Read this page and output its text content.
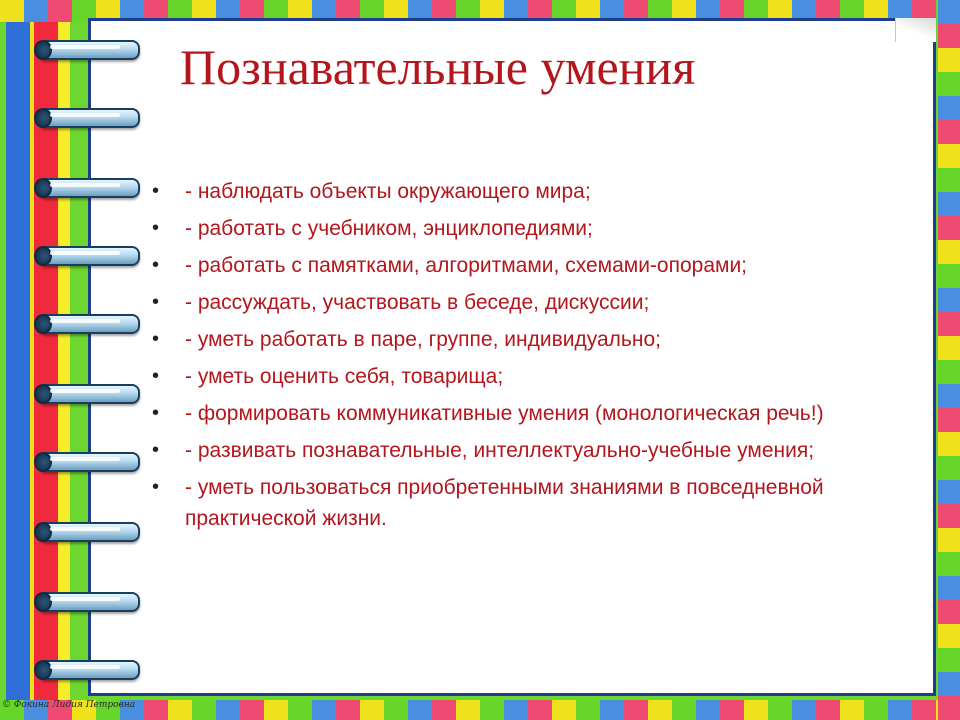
Познавательные умения
• - наблюдать объекты окружающего мира;
• - работать с учебником, энциклопедиями;
• - работать с памятками, алгоритмами, схемами-опорами;
• - рассуждать, участвовать в беседе, дискуссии;
• - уметь работать в паре, группе, индивидуально;
• - уметь оценить себя, товарища;
• - формировать коммуникативные умения (монологическая речь!)
• - развивать познавательные, интеллектуально-учебные умения;
• - уметь пользоваться приобретенными знаниями в повседневной практической жизни.
© Фокина Лидия Петровна
